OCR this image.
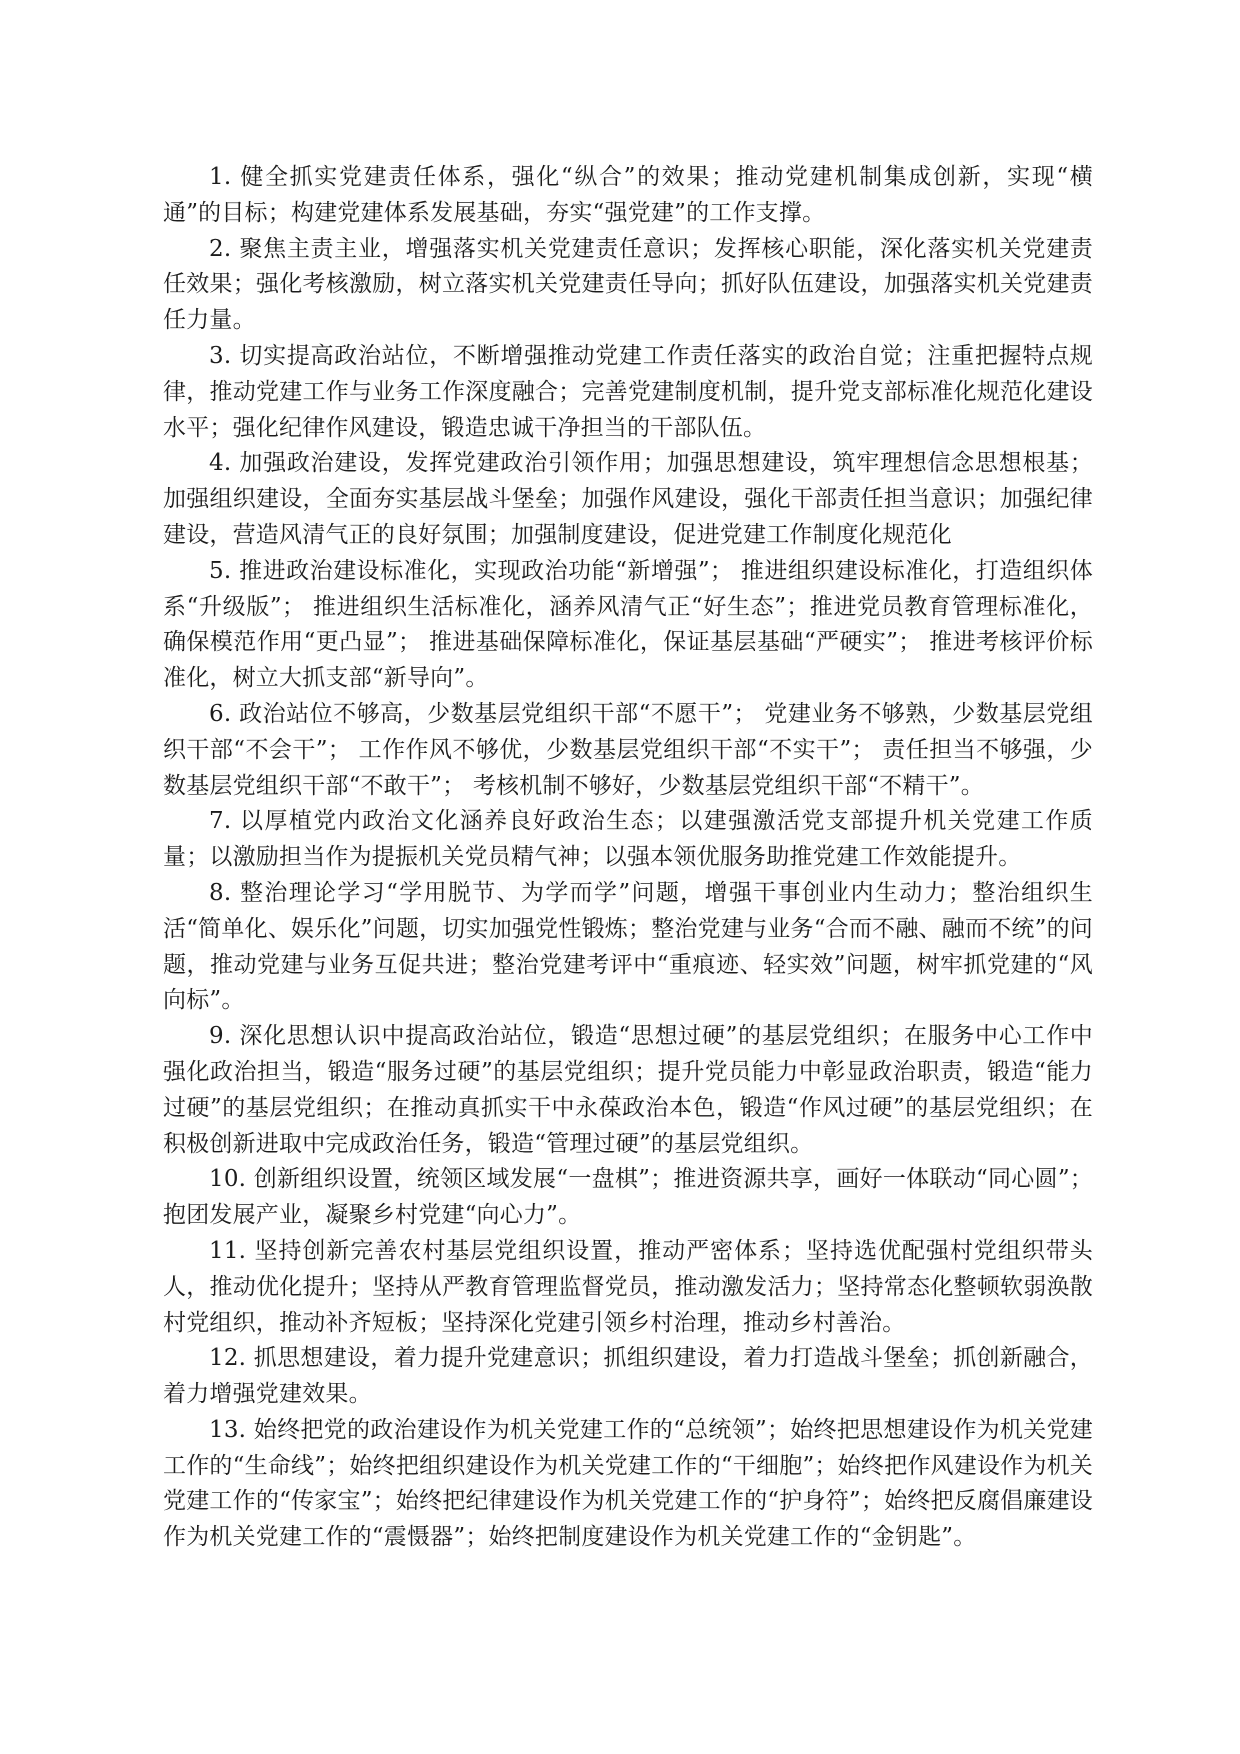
1. 健全抓实党建责任体系，强化“纵合”的效果；推动党建机制集成创新，实现“横通”的目标；构建党建体系发展基础，夯实“强党建”的工作支撑。

2. 聚焦主责主业，增强落实机关党建责任意识；发挥核心职能，深化落实机关党建责任效果；强化考核激励，树立落实机关党建责任导向；抓好队伍建设，加强落实机关党建责任力量。

3. 切实提高政治站位，不断增强推动党建工作责任落实的政治自觉；注重把握特点规律，推动党建工作与业务工作深度融合；完善党建制度机制，提升党支部标准化规范化建设水平；强化纪律作风建设，锻造忠诚干净担当的干部队伍。

4. 加强政治建设，发挥党建政治引领作用；加强思想建设，筑牢理想信念思想根基；加强组织建设，全面夯实基层战斗堡垒；加强作风建设，强化干部责任担当意识；加强纪律建设，营造风清气正的良好氛围；加强制度建设，促进党建工作制度化规范化

5. 推进政治建设标准化，实现政治功能“新增强”； 推进组织建设标准化，打造组织体系“升级版”； 推进组织生活标准化，涵养风清气正“好生态”；推进党员教育管理标准化，确保模范作用“更凸显”； 推进基础保障标准化，保证基层基础“严硬实”； 推进考核评价标准化，树立大抓支部“新导向”。

6. 政治站位不够高，少数基层党组织干部“不愿干”； 党建业务不够熟，少数基层党组织干部“不会干”； 工作作风不够优，少数基层党组织干部“不实干”； 责任担当不够强，少数基层党组织干部“不敢干”； 考核机制不够好，少数基层党组织干部“不精干”。

7. 以厚植党内政治文化涵养良好政治生态；以建强激活党支部提升机关党建工作质量；以激励担当作为提振机关党员精气神；以强本领优服务助推党建工作效能提升。

8. 整治理论学习“学用脱节、为学而学”问题，增强干事创业内生动力；整治组织生活“简单化、娱乐化”问题，切实加强党性锻炼；整治党建与业务“合而不融、融而不统”的问题，推动党建与业务互促共进；整治党建考评中“重痕迹、轻实效”问题，树牢抓党建的“风向标”。

9. 深化思想认识中提高政治站位，锻造“思想过硬”的基层党组织；在服务中心工作中强化政治担当，锻造“服务过硬”的基层党组织；提升党员能力中彰显政治职责，锻造“能力过硬”的基层党组织；在推动真抓实干中永葆政治本色，锻造“作风过硬”的基层党组织；在积极创新进取中完成政治任务，锻造“管理过硬”的基层党组织。

10. 创新组织设置，统领区域发展“一盘棋”；推进资源共享，画好一体联动“同心圆”；抱团发展产业，凝聚乡村党建“向心力”。

11. 坚持创新完善农村基层党组织设置，推动严密体系；坚持选优配强村党组织带头人，推动优化提升；坚持从严教育管理监督党员，推动激发活力；坚持常态化整顿软弱涣散村党组织，推动补齐短板；坚持深化党建引领乡村治理，推动乡村善治。

12. 抓思想建设，着力提升党建意识；抓组织建设，着力打造战斗堡垒；抓创新融合，着力增强党建效果。

13. 始终把党的政治建设作为机关党建工作的“总统领”；始终把思想建设作为机关党建工作的“生命线”；始终把组织建设作为机关党建工作的“干细胞”；始终把作风建设作为机关党建工作的“传家宝”；始终把纪律建设作为机关党建工作的“护身符”；始终把反腐倡廉建设作为机关党建工作的“震慑器”；始终把制度建设作为机关党建工作的“金钥匙”。
